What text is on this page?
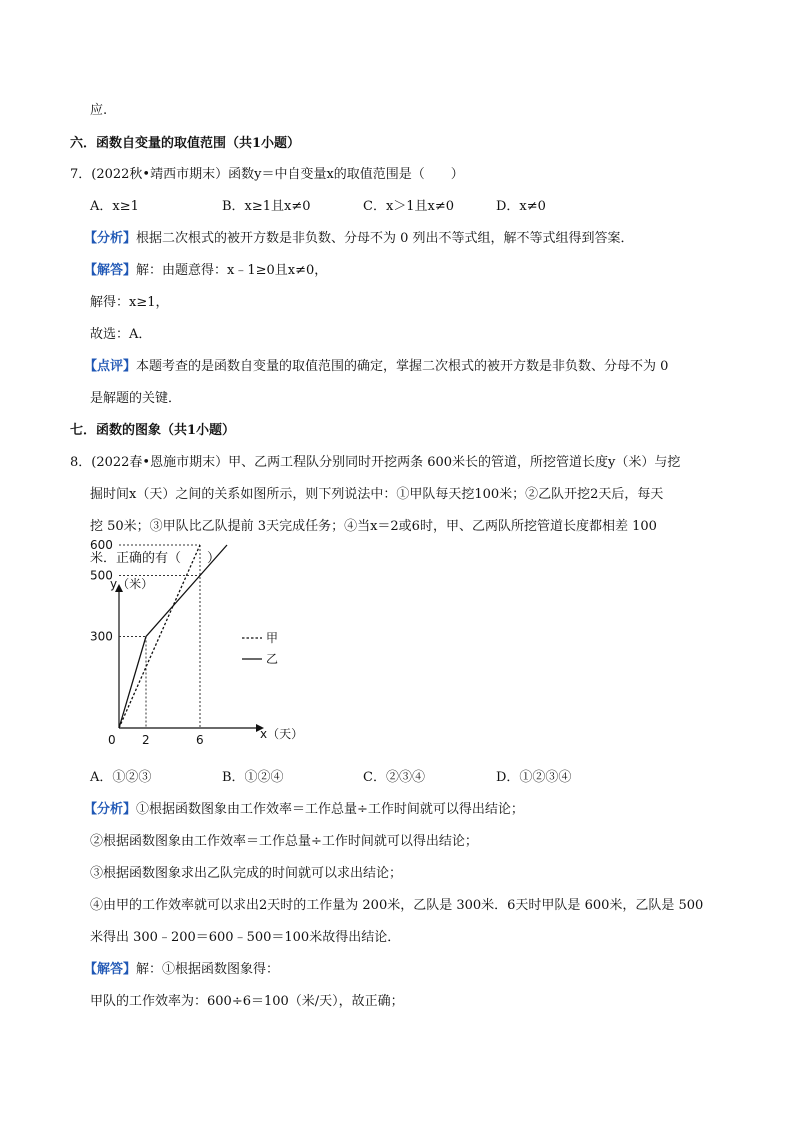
应.
六．函数自变量的取值范围（共1小题）
7．(2022秋•靖西市期末）函数y＝中自变量x的取值范围是（　　）
A．x≥1	B．x≥1且x≠0	C．x＞1且x≠0	D．x≠0
【分析】根据二次根式的被开方数是非负数、分母不为 0 列出不等式组，解不等式组得到答案．
【解答】解：由题意得：x﹣1≥0且x≠0，
解得：x≥1，
故选：A．
【点评】本题考查的是函数自变量的取值范围的确定，掌握二次根式的被开方数是非负数、分母不为 0
是解题的关键．
七．函数的图象（共1小题）
8．(2022春•恩施市期末）甲、乙两工程队分别同时开挖两条 600米长的管道，所挖管道长度y（米）与挖
掘时间x（天）之间的关系如图所示，则下列说法中：①甲队每天挖100米；②乙队开挖2天后，每天
挖 50米；③甲队比乙队提前 3天完成任务；④当x＝2或6时，甲、乙两队所挖管道长度都相差 100
米．正确的有（　　）
y（米）
x（天）
0 2	6
300
500
600
甲
乙
A．①②③	B．①②④	C．②③④	D．①②③④
【分析】①根据函数图象由工作效率＝工作总量÷工作时间就可以得出结论；
②根据函数图象由工作效率＝工作总量÷工作时间就可以得出结论；
③根据函数图象求出乙队完成的时间就可以求出结论；
④由甲的工作效率就可以求出2天时的工作量为 200米，乙队是 300米．6天时甲队是 600米，乙队是 500
米得出 300﹣200＝600﹣500＝100米故得出结论．
【解答】解：①根据函数图象得：
甲队的工作效率为：600÷6＝100（米/天），故正确；
